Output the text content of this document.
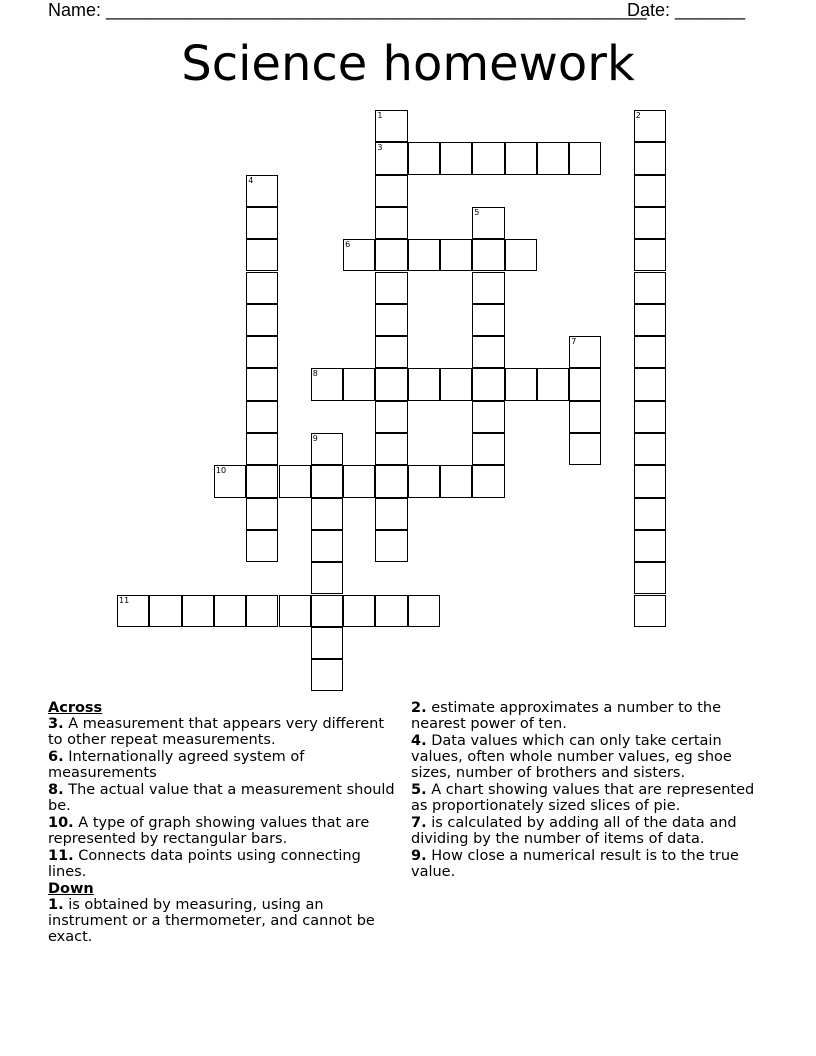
Name: ______________________________________________________
Date: _______
Science homework
1
3
2
4
5
6
7
8
9
10
11
Across
3. A measurement that appears very different to other repeat measurements.
6. Internationally agreed system of measurements
8. The actual value that a measurement should be.
10. A type of graph showing values that are represented by rectangular bars.
11. Connects data points using connecting lines.
Down
1. is obtained by measuring, using an instrument or a thermometer, and cannot be exact.
2. estimate approximates a number to the nearest power of ten.
4. Data values which can only take certain values, often whole number values, eg shoe sizes, number of brothers and sisters.
5. A chart showing values that are represented as proportionately sized slices of pie.
7. is calculated by adding all of the data and dividing by the number of items of data.
9. How close a numerical result is to the true value.
